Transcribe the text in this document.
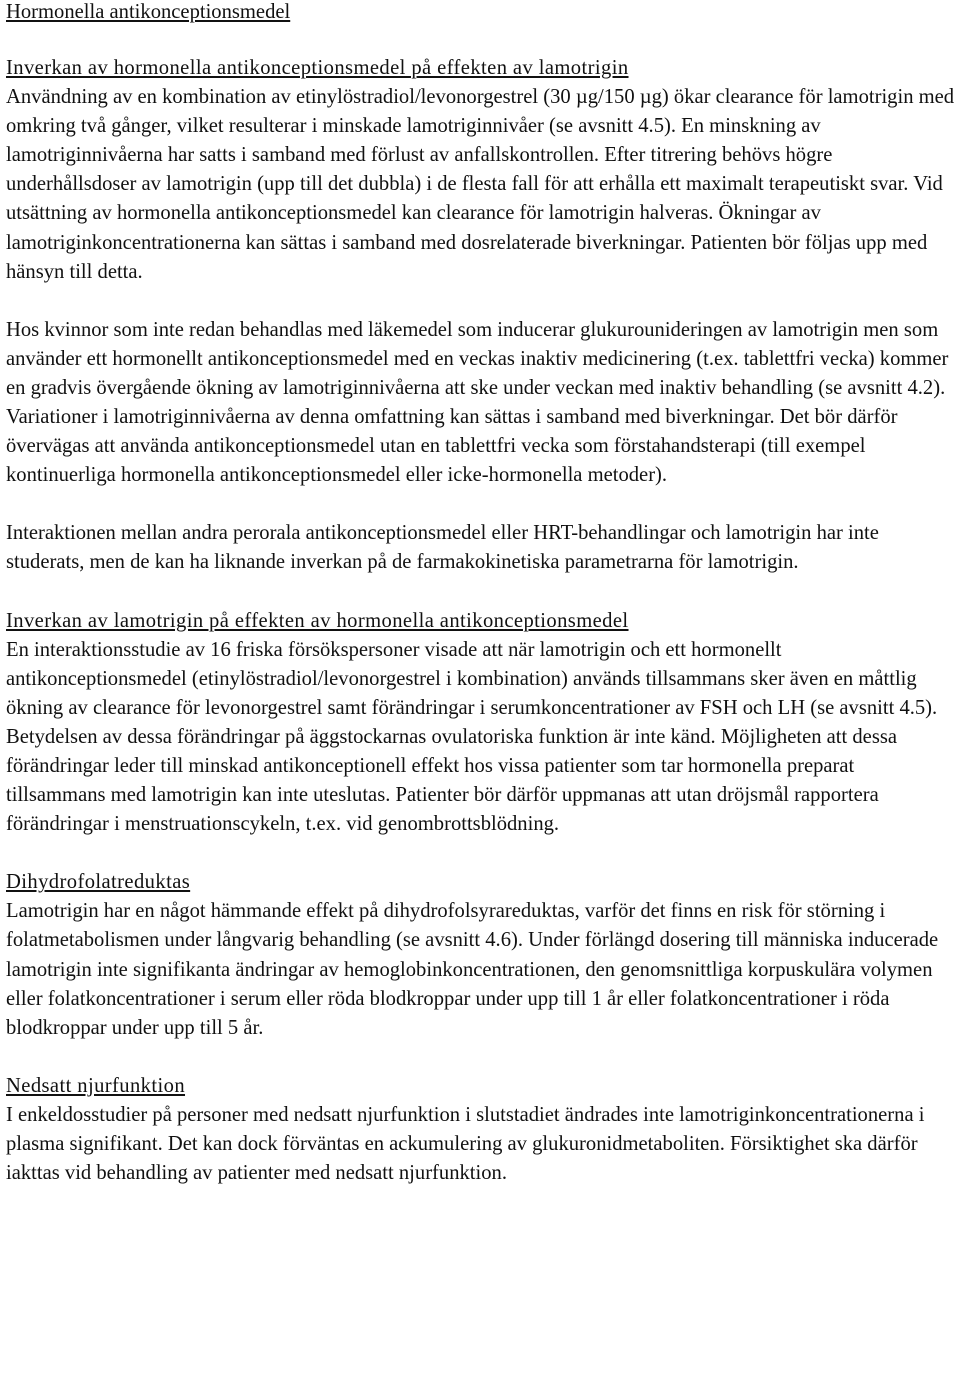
Hormonella antikonceptionsmedel
Inverkan av hormonella antikonceptionsmedel på effekten av lamotrigin

Användning av en kombination av etinylöstradiol/levonorgestrel (30 µg/150 µg) ökar clearance för lamotrigin med omkring två gånger, vilket resulterar i minskade lamotriginnivåer (se avsnitt 4.5). En minskning av lamotriginnivåerna har satts i samband med förlust av anfallskontrollen. Efter titrering behövs högre underhållsdoser av lamotrigin (upp till det dubbla) i de flesta fall för att erhålla ett maximalt terapeutiskt svar. Vid utsättning av hormonella antikonceptionsmedel kan clearance för lamotrigin halveras. Ökningar av lamotriginkoncentrationerna kan sättas i samband med dosrelaterade biverkningar. Patienten bör följas upp med hänsyn till detta.

Hos kvinnor som inte redan behandlas med läkemedel som inducerar glukurounideringen av lamotrigin men som använder ett hormonellt antikonceptionsmedel med en veckas inaktiv medicinering (t.ex. tablettfri vecka) kommer en gradvis övergående ökning av lamotriginnivåerna att ske under veckan med inaktiv behandling (se avsnitt 4.2). Variationer i lamotriginnivåerna av denna omfattning kan sättas i samband med biverkningar. Det bör därför övervägas att använda antikonceptionsmedel utan en tablettfri vecka som förstahandsterapi (till exempel kontinuerliga hormonella antikonceptionsmedel eller icke-hormonella metoder).

Interaktionen mellan andra perorala antikonceptionsmedel eller HRT-behandlingar och lamotrigin har inte studerats, men de kan ha liknande inverkan på de farmakokinetiska parametrarna för lamotrigin.

Inverkan av lamotrigin på effekten av hormonella antikonceptionsmedel

En interaktionsstudie av 16 friska försökspersoner visade att när lamotrigin och ett hormonellt antikonceptionsmedel (etinylöstradiol/levonorgestrel i kombination) används tillsammans sker även en måttlig ökning av clearance för levonorgestrel samt förändringar i serumkoncentrationer av FSH och LH (se avsnitt 4.5). Betydelsen av dessa förändringar på äggstockarnas ovulatoriska funktion är inte känd. Möjligheten att dessa förändringar leder till minskad antikonceptionell effekt hos vissa patienter som tar hormonella preparat tillsammans med lamotrigin kan inte uteslutas. Patienter bör därför uppmanas att utan dröjsmål rapportera förändringar i menstruationscykeln, t.ex. vid genombrottsblödning.

Dihydrofolatreduktas

Lamotrigin har en något hämmande effekt på dihydrofolsyrareduktas, varför det finns en risk för störning i folatmetabolismen under långvarig behandling (se avsnitt 4.6). Under förlängd dosering till människa inducerade lamotrigin inte signifikanta ändringar av hemoglobinkoncentrationen, den genomsnittliga korpuskulära volymen eller folatkoncentrationer i serum eller röda blodkroppar under upp till 1 år eller folatkoncentrationer i röda blodkroppar under upp till 5 år.

Nedsatt njurfunktion

I enkeldosstudier på personer med nedsatt njurfunktion i slutstadiet ändrades inte lamotriginkoncentrationerna i plasma signifikant. Det kan dock förväntas en ackumulering av glukuronidmetaboliten. Försiktighet ska därför iakttas vid behandling av patienter med nedsatt njurfunktion.
